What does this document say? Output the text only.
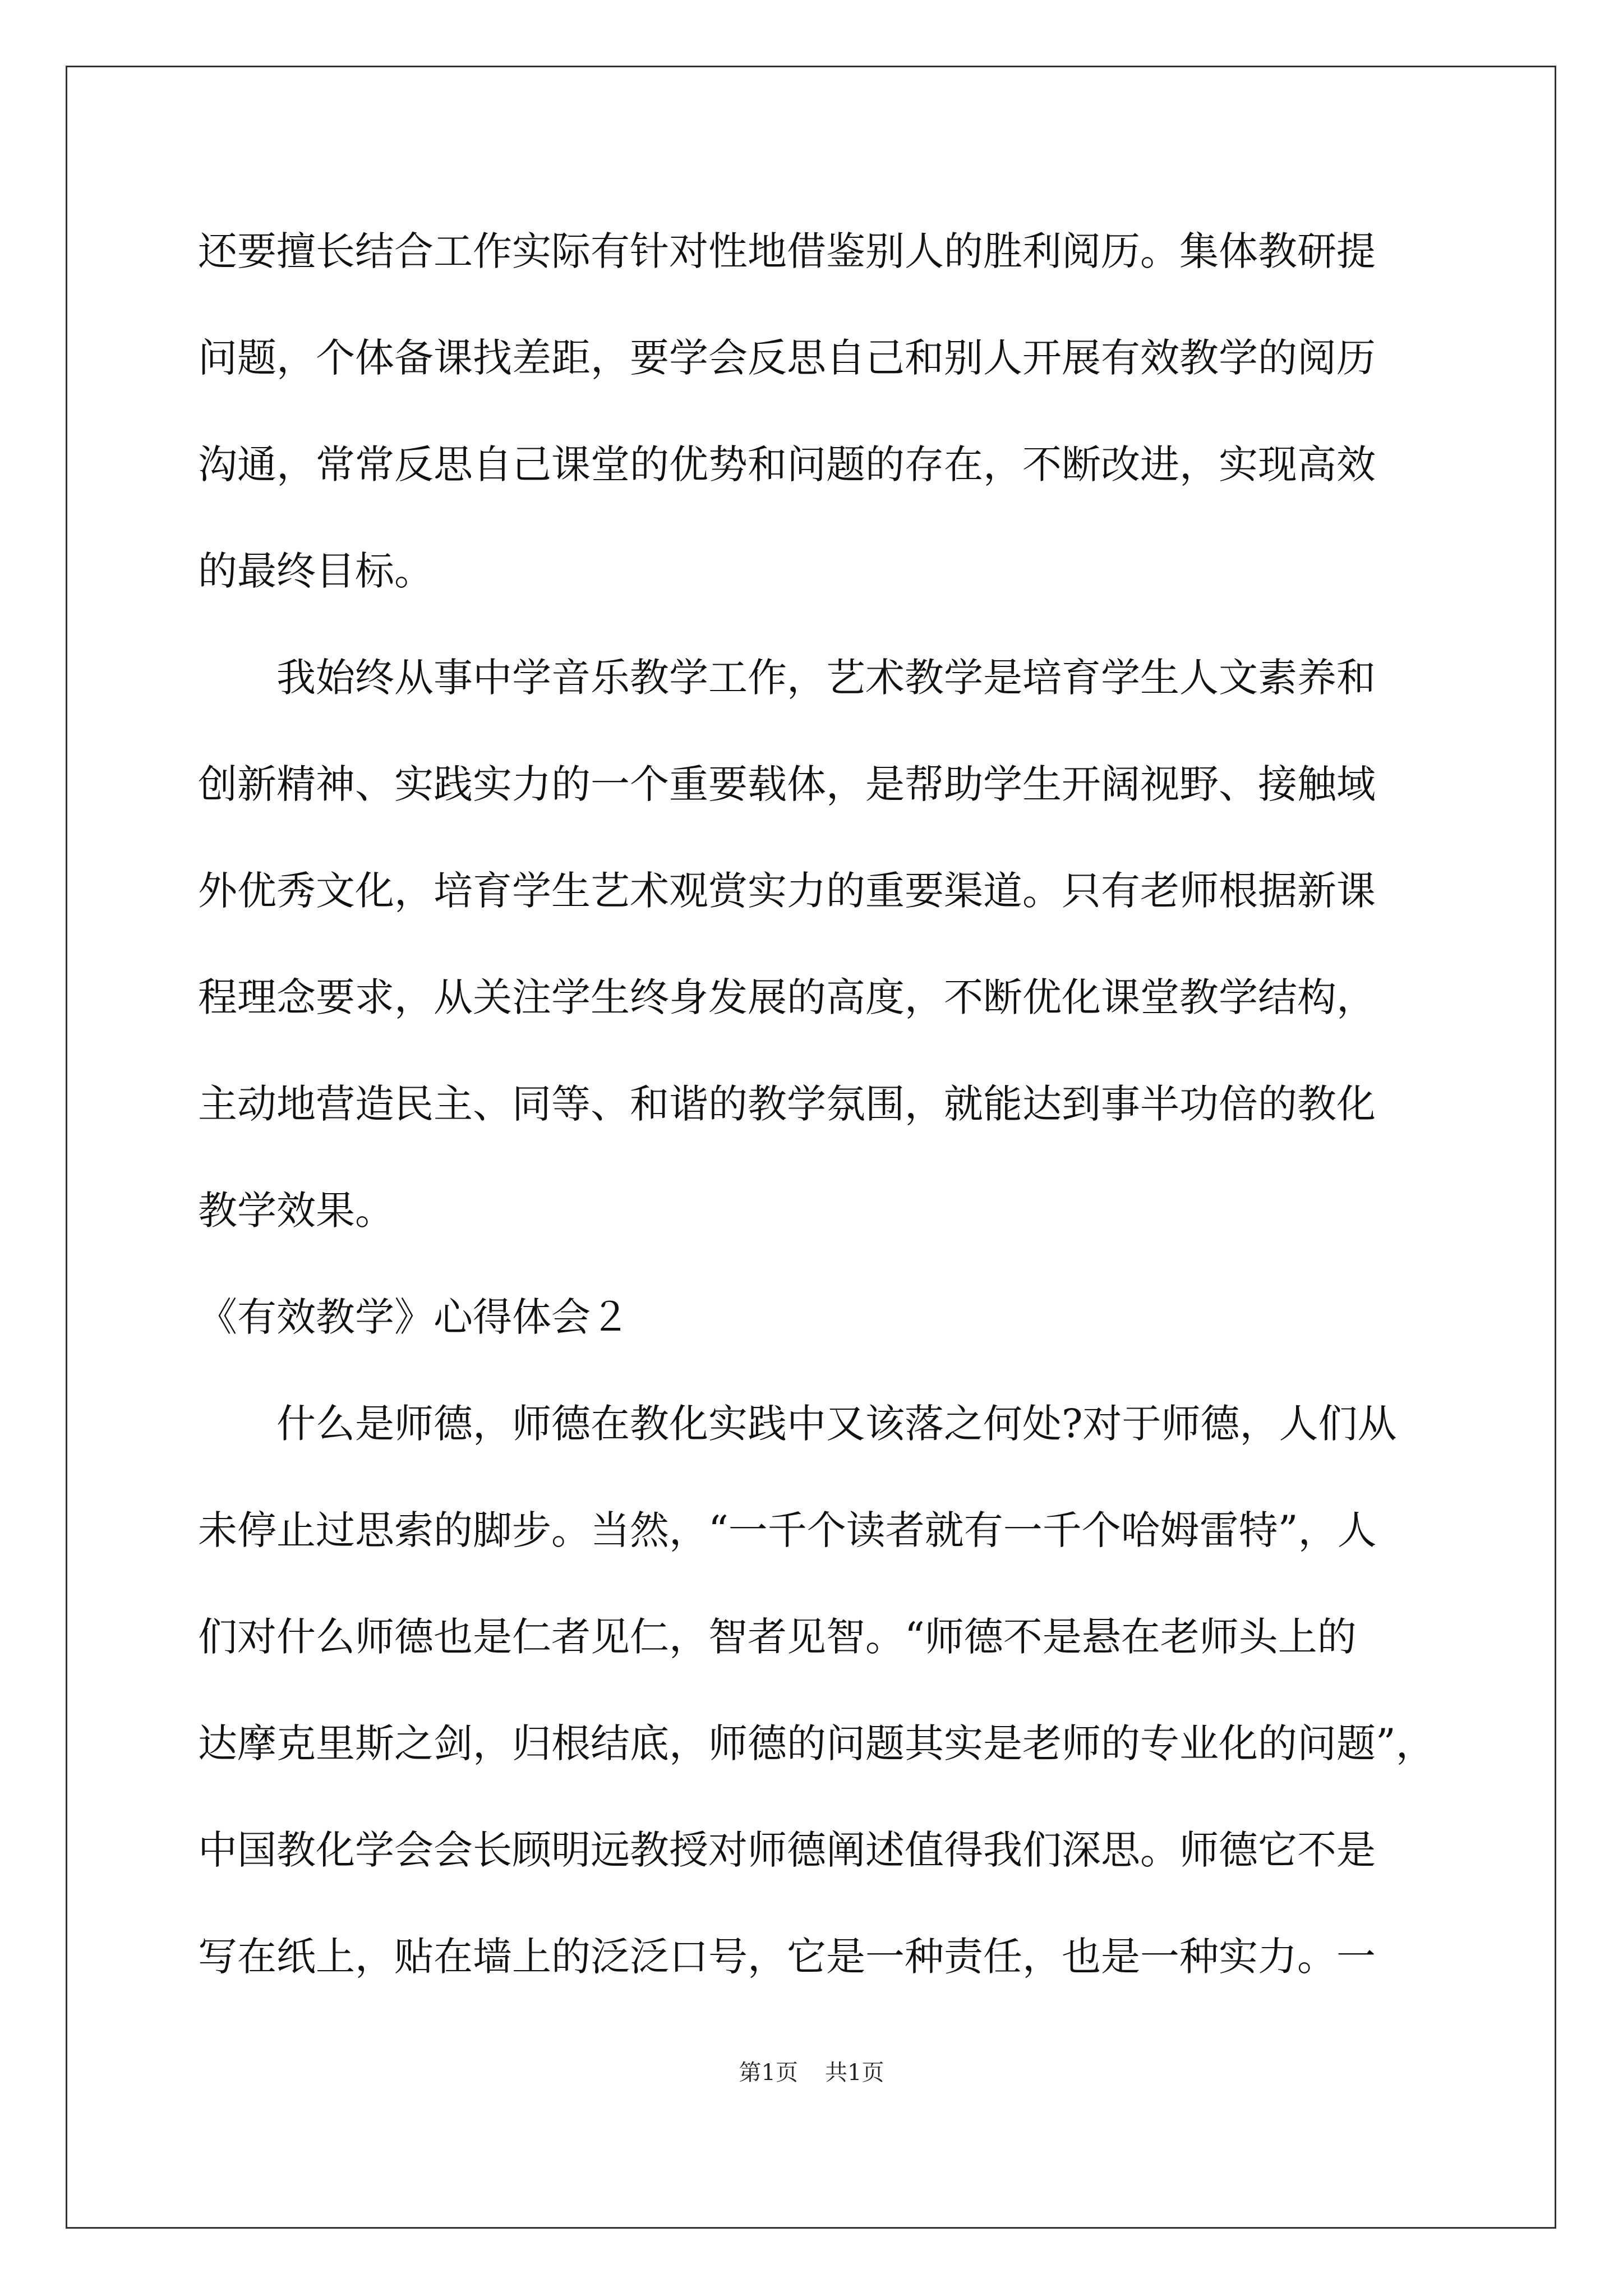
还要擅长结合工作实际有针对性地借鉴别人的胜利阅历。集体教研提

问题，个体备课找差距，要学会反思自己和别人开展有效教学的阅历

沟通，常常反思自己课堂的优势和问题的存在，不断改进，实现高效

的最终目标。

我始终从事中学音乐教学工作，艺术教学是培育学生人文素养和

创新精神、实践实力的一个重要载体，是帮助学生开阔视野、接触域

外优秀文化，培育学生艺术观赏实力的重要渠道。只有老师根据新课

程理念要求，从关注学生终身发展的高度，不断优化课堂教学结构，

主动地营造民主、同等、和谐的教学氛围，就能达到事半功倍的教化

教学效果。

《有效教学》心得体会２

什么是师德，师德在教化实践中又该落之何处?对于师德，人们从

未停止过思索的脚步。当然，“一千个读者就有一千个哈姆雷特”，人

们对什么师德也是仁者见仁，智者见智。“师德不是悬在老师头上的

达摩克里斯之剑，归根结底，师德的问题其实是老师的专业化的问题”，

中国教化学会会长顾明远教授对师德阐述值得我们深思。师德它不是

写在纸上，贴在墙上的泛泛口号，它是一种责任，也是一种实力。一

第1页 共1页
